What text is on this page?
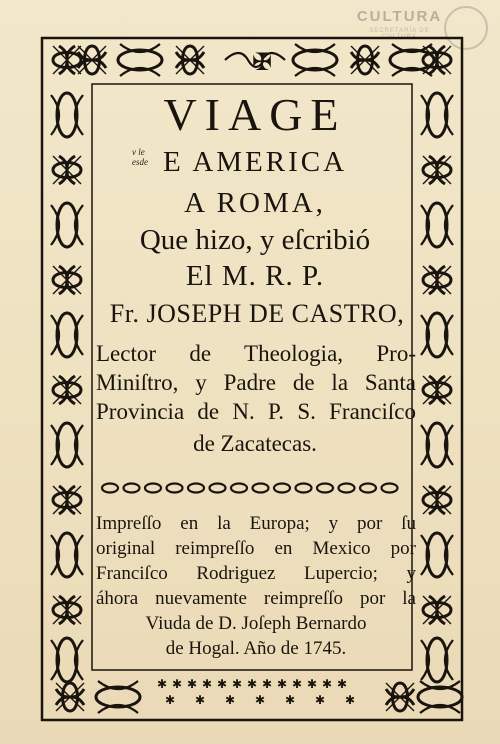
CULTURA
SECRETARÍA DE CULTURA
✠
✱
✱
✱ ✱
✱
✱ ✱
✱
✱ ✱
✱
✱ ✱
✱
✱ ✱
✱
✱ ✱
✱
VIAGE
v le
esde E AMERICA
A ROMA,
Que hizo, y eſcribió
El M. R. P.
Fr. JOSEPH DE CASTRO,
Lector de Theologia, Pro-
Miniſtro, y Padre de la Santa
Provincia de N. P. S. Franciſco
de Zacatecas.
Impreſſo en la Europa; y por ſu
original reimpreſſo en Mexico por
Franciſco Rodriguez Lupercio; y
áhora nuevamente reimpreſſo por la
Viuda de D. Joſeph Bernardo
de Hogal. Año de 1745.
